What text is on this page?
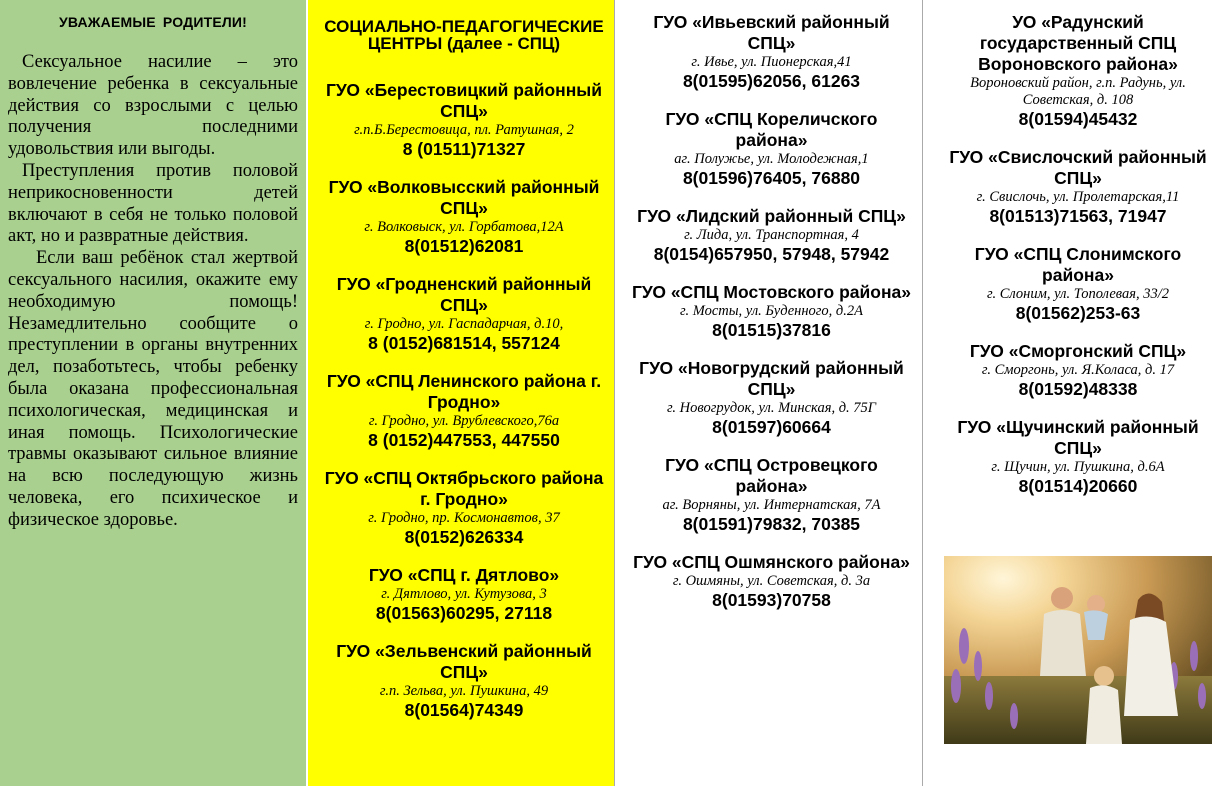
УВАЖАЕМЫЕ РОДИТЕЛИ!

Сексуальное насилие – это вовлечение ребенка в сексуальные действия со взрослыми с целью получения последними удовольствия или выгоды.

Преступления против половой неприкосновенности детей включают в себя не только половой акт, но и развратные действия.

Если ваш ребёнок стал жертвой сексуального насилия, окажите ему необходимую помощь! Незамедлительно сообщите о преступлении в органы внутренних дел, позаботьтесь, чтобы ребенку была оказана профессиональная психологическая, медицинская и иная помощь. Психологические травмы оказывают сильное влияние на всю последующую жизнь человека, его психическое и физическое здоровье.

СОЦИАЛЬНО-ПЕДАГОГИЧЕСКИЕ ЦЕНТРЫ (далее - СПЦ)
ГУО «Берестовицкий районный СПЦ»
г.п.Б.Берестовица, пл. Ратушная, 2
8 (01511)71327
ГУО «Волковысский районный СПЦ»
г. Волковыск, ул. Горбатова,12А
8(01512)62081
ГУО «Гродненский районный СПЦ»
г. Гродно, ул. Гаспадарчая, д.10,
8 (0152)681514, 557124
ГУО «СПЦ Ленинского района г. Гродно»
г. Гродно, ул. Врублевского,76а
8 (0152)447553, 447550
ГУО «СПЦ Октябрьского района г. Гродно»
г. Гродно, пр. Космонавтов, 37
8(0152)626334
ГУО «СПЦ г. Дятлово»
г. Дятлово, ул. Кутузова, 3
8(01563)60295, 27118
ГУО «Зельвенский районный СПЦ»
г.п. Зельва, ул. Пушкина, 49
8(01564)74349
ГУО «Ивьевский районный СПЦ»
г. Ивье, ул. Пионерская,41
8(01595)62056, 61263
ГУО «СПЦ Кореличского района»
аг. Полужье, ул. Молодежная,1
8(01596)76405, 76880
ГУО «Лидский районный СПЦ»
г. Лида, ул. Транспортная, 4
8(0154)657950, 57948, 57942
ГУО «СПЦ Мостовского района»
г. Мосты, ул. Буденного, д.2А
8(01515)37816
ГУО «Новогрудский районный СПЦ»
г. Новогрудок, ул. Минская, д. 75Г
8(01597)60664
ГУО «СПЦ Островецкого района»
аг. Ворняны, ул. Интернатская, 7А
8(01591)79832, 70385
ГУО «СПЦ Ошмянского района»
г. Ошмяны, ул. Советская, д. 3а
8(01593)70758
УО «Радунский государственный СПЦ Вороновского района»
Вороновский район, г.п. Радунь, ул. Советская, д. 108
8(01594)45432
ГУО «Свислочский районный СПЦ»
г. Свислочь, ул. Пролетарская,11
8(01513)71563, 71947
ГУО «СПЦ Слонимского района»
г. Слоним, ул. Тополевая, 33/2
8(01562)253-63
ГУО «Сморгонский СПЦ»
г. Сморгонь, ул. Я.Коласа, д. 17
8(01592)48338
ГУО «Щучинский районный СПЦ»
г. Щучин, ул. Пушкина, д.6А
8(01514)20660
